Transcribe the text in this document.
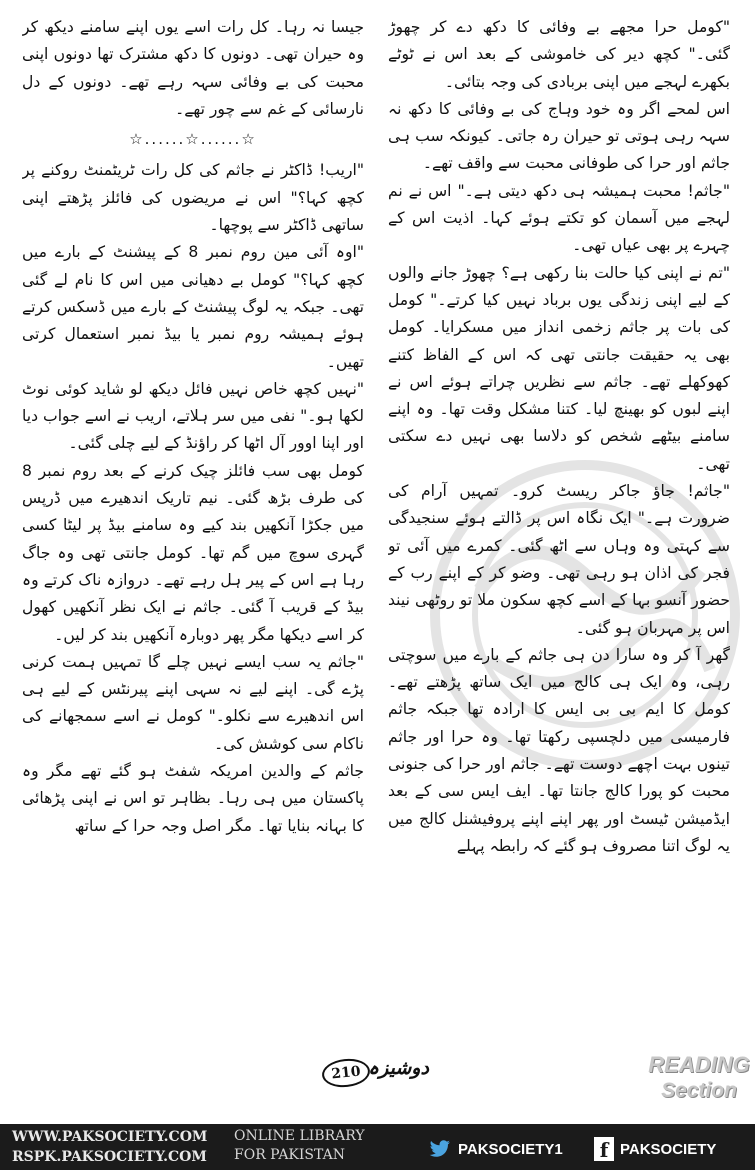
"کومل حرا مجھے بے وفائی کا دکھ دے کر چھوڑ گئی۔" کچھ دیر کی خاموشی کے بعد اس نے ٹوٹے بکھرے لہجے میں اپنی بربادی کی وجہ بتائی۔

اس لمحے اگر وہ خود وہاج کی بے وفائی کا دکھ نہ سہہ رہی ہوتی تو حیران رہ جاتی۔ کیونکہ سب ہی جاثم اور حرا کی طوفانی محبت سے واقف تھے۔

"جاثم! محبت ہمیشہ ہی دکھ دیتی ہے۔" اس نے نم لہجے میں آسمان کو تکتے ہوئے کہا۔ اذیت اس کے چہرے پر بھی عیاں تھی۔

"تم نے اپنی کیا حالت بنا رکھی ہے؟ چھوڑ جانے والوں کے لیے اپنی زندگی یوں برباد نہیں کیا کرتے۔" کومل کی بات پر جاثم زخمی انداز میں مسکرایا۔ کومل بھی یہ حقیقت جانتی تھی کہ اس کے الفاظ کتنے کھوکھلے تھے۔ جاثم سے نظریں چراتے ہوئے اس نے اپنے لبوں کو بھینچ لیا۔ کتنا مشکل وقت تھا۔ وہ اپنے سامنے بیٹھے شخص کو دلاسا بھی نہیں دے سکتی تھی۔

"جاثم! جاؤ جاکر ریسٹ کرو۔ تمہیں آرام کی ضرورت ہے۔" ایک نگاہ اس پر ڈالتے ہوئے سنجیدگی سے کہتی وہ وہاں سے اٹھ گئی۔ کمرے میں آئی تو فجر کی اذان ہو رہی تھی۔ وضو کر کے اپنے رب کے حضور آنسو بہا کے اسے کچھ سکون ملا تو روٹھی نیند اس پر مہربان ہو گئی۔

گھر آ کر وہ سارا دن ہی جاثم کے بارے میں سوچتی رہی، وہ ایک ہی کالج میں ایک ساتھ پڑھتے تھے۔ کومل کا ایم بی بی ایس کا ارادہ تھا جبکہ جاثم فارمیسی میں دلچسپی رکھتا تھا۔ وہ حرا اور جاثم تینوں بہت اچھے دوست تھے۔ جاثم اور حرا کی جنونی محبت کو پورا کالج جانتا تھا۔ ایف ایس سی کے بعد ایڈمیشن ٹیسٹ اور پھر اپنے اپنے پروفیشنل کالج میں یہ لوگ اتنا مصروف ہو گئے کہ رابطہ پہلے

جیسا نہ رہا۔ کل رات اسے یوں اپنے سامنے دیکھ کر وہ حیران تھی۔ دونوں کا دکھ مشترک تھا دونوں اپنی محبت کی بے وفائی سہہ رہے تھے۔ دونوں کے دل نارسائی کے غم سے چور تھے۔

☆......☆......☆

"اریب! ڈاکٹر نے جاثم کی کل رات ٹریٹمنٹ روکنے پر کچھ کہا؟" اس نے مریضوں کی فائلز پڑھتے اپنی ساتھی ڈاکٹر سے پوچھا۔

"اوہ آئی مین روم نمبر 8 کے پیشنٹ کے بارے میں کچھ کہا؟" کومل بے دھیانی میں اس کا نام لے گئی تھی۔ جبکہ یہ لوگ پیشنٹ کے بارے میں ڈسکس کرتے ہوئے ہمیشہ روم نمبر یا بیڈ نمبر استعمال کرتی تھیں۔

"نہیں کچھ خاص نہیں فائل دیکھ لو شاید کوئی نوٹ لکھا ہو۔" نفی میں سر ہلاتے، اریب نے اسے جواب دیا اور اپنا اوور آل اٹھا کر راؤنڈ کے لیے چلی گئی۔

کومل بھی سب فائلز چیک کرنے کے بعد روم نمبر 8 کی طرف بڑھ گئی۔ نیم تاریک اندھیرے میں ڈرپس میں جکڑا آنکھیں بند کیے وہ سامنے بیڈ پر لیٹا کسی گہری سوچ میں گم تھا۔ کومل جانتی تھی وہ جاگ رہا ہے اس کے پیر ہل رہے تھے۔ دروازہ ناک کرتے وہ بیڈ کے قریب آ گئی۔ جاثم نے ایک نظر آنکھیں کھول کر اسے دیکھا مگر پھر دوبارہ آنکھیں بند کر لیں۔

"جاثم یہ سب ایسے نہیں چلے گا تمہیں ہمت کرنی پڑے گی۔ اپنے لیے نہ سہی اپنے پیرنٹس کے لیے ہی اس اندھیرے سے نکلو۔" کومل نے اسے سمجھانے کی ناکام سی کوشش کی۔

جاثم کے والدین امریکہ شفٹ ہو گئے تھے مگر وہ پاکستان میں ہی رہا۔ بظاہر تو اس نے اپنی پڑھائی کا بہانہ بنایا تھا۔ مگر اصل وجہ حرا کے ساتھ

210 دوشیزہ	READING
Section
WWW.PAKSOCIETY.COM
RSPK.PAKSOCIETY.COM
ONLINE LIBRARY
FOR PAKISTAN	PAKSOCIETY1 f PAKSOCIETY
